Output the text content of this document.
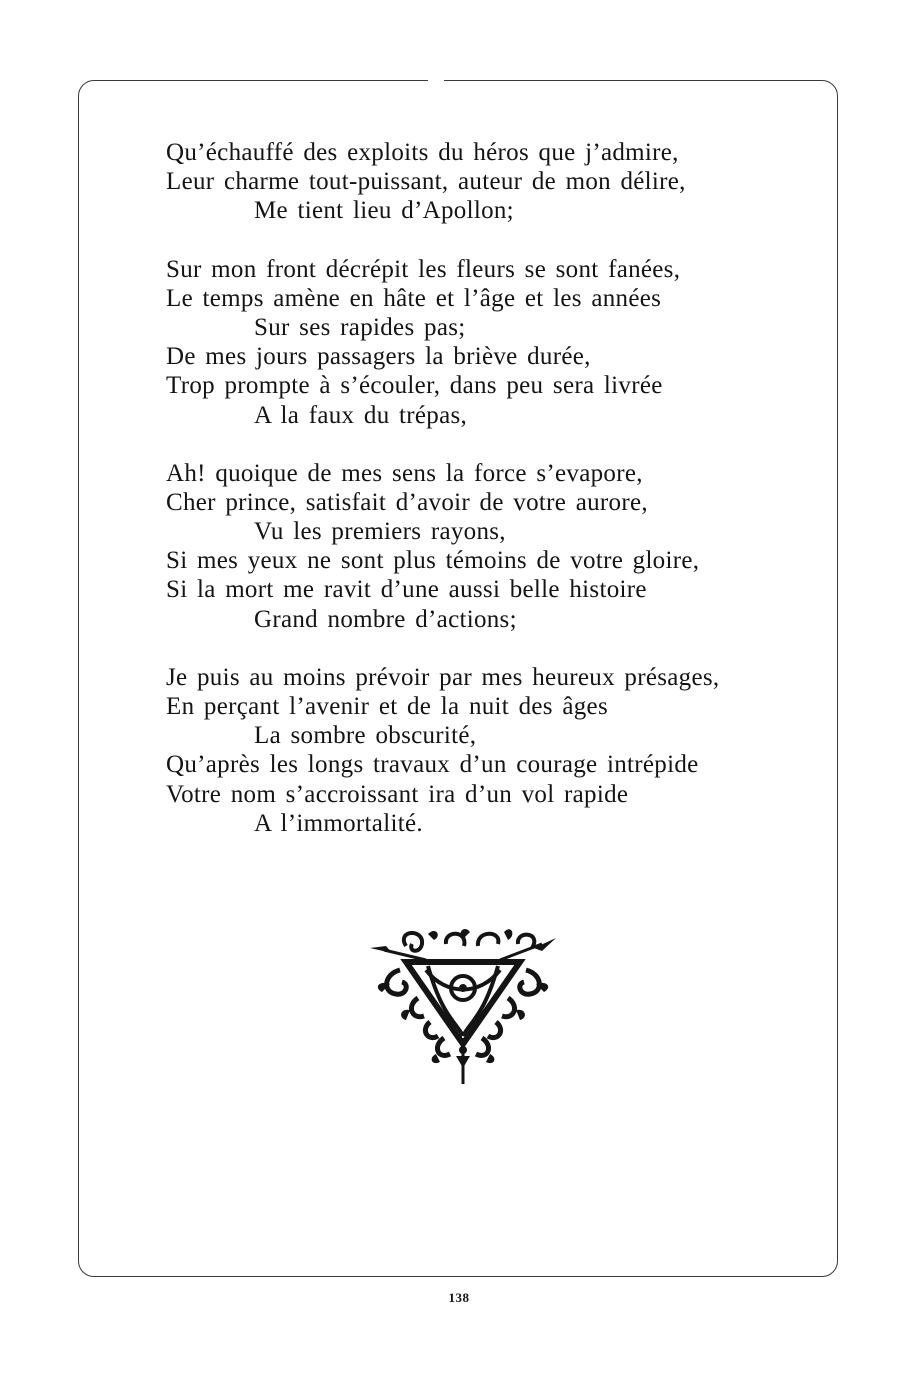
Qu’échauffé des exploits du héros que j’admire,
Leur charme tout-puissant, auteur de mon délire,
Me tient lieu d’Apollon;
Sur mon front décrépit les fleurs se sont fanées,
Le temps amène en hâte et l’âge et les années
Sur ses rapides pas;
De mes jours passagers la briève durée,
Trop prompte à s’écouler, dans peu sera livrée
A la faux du trépas,
Ah! quoique de mes sens la force s’evapore,
Cher prince, satisfait d’avoir de votre aurore,
Vu les premiers rayons,
Si mes yeux ne sont plus témoins de votre gloire,
Si la mort me ravit d’une aussi belle histoire
Grand nombre d’actions;
Je puis au moins prévoir par mes heureux présages,
En perçant l’avenir et de la nuit des âges
La sombre obscurité,
Qu’après les longs travaux d’un courage intrépide
Votre nom s’accroissant ira d’un vol rapide
A l’immortalité.
138
